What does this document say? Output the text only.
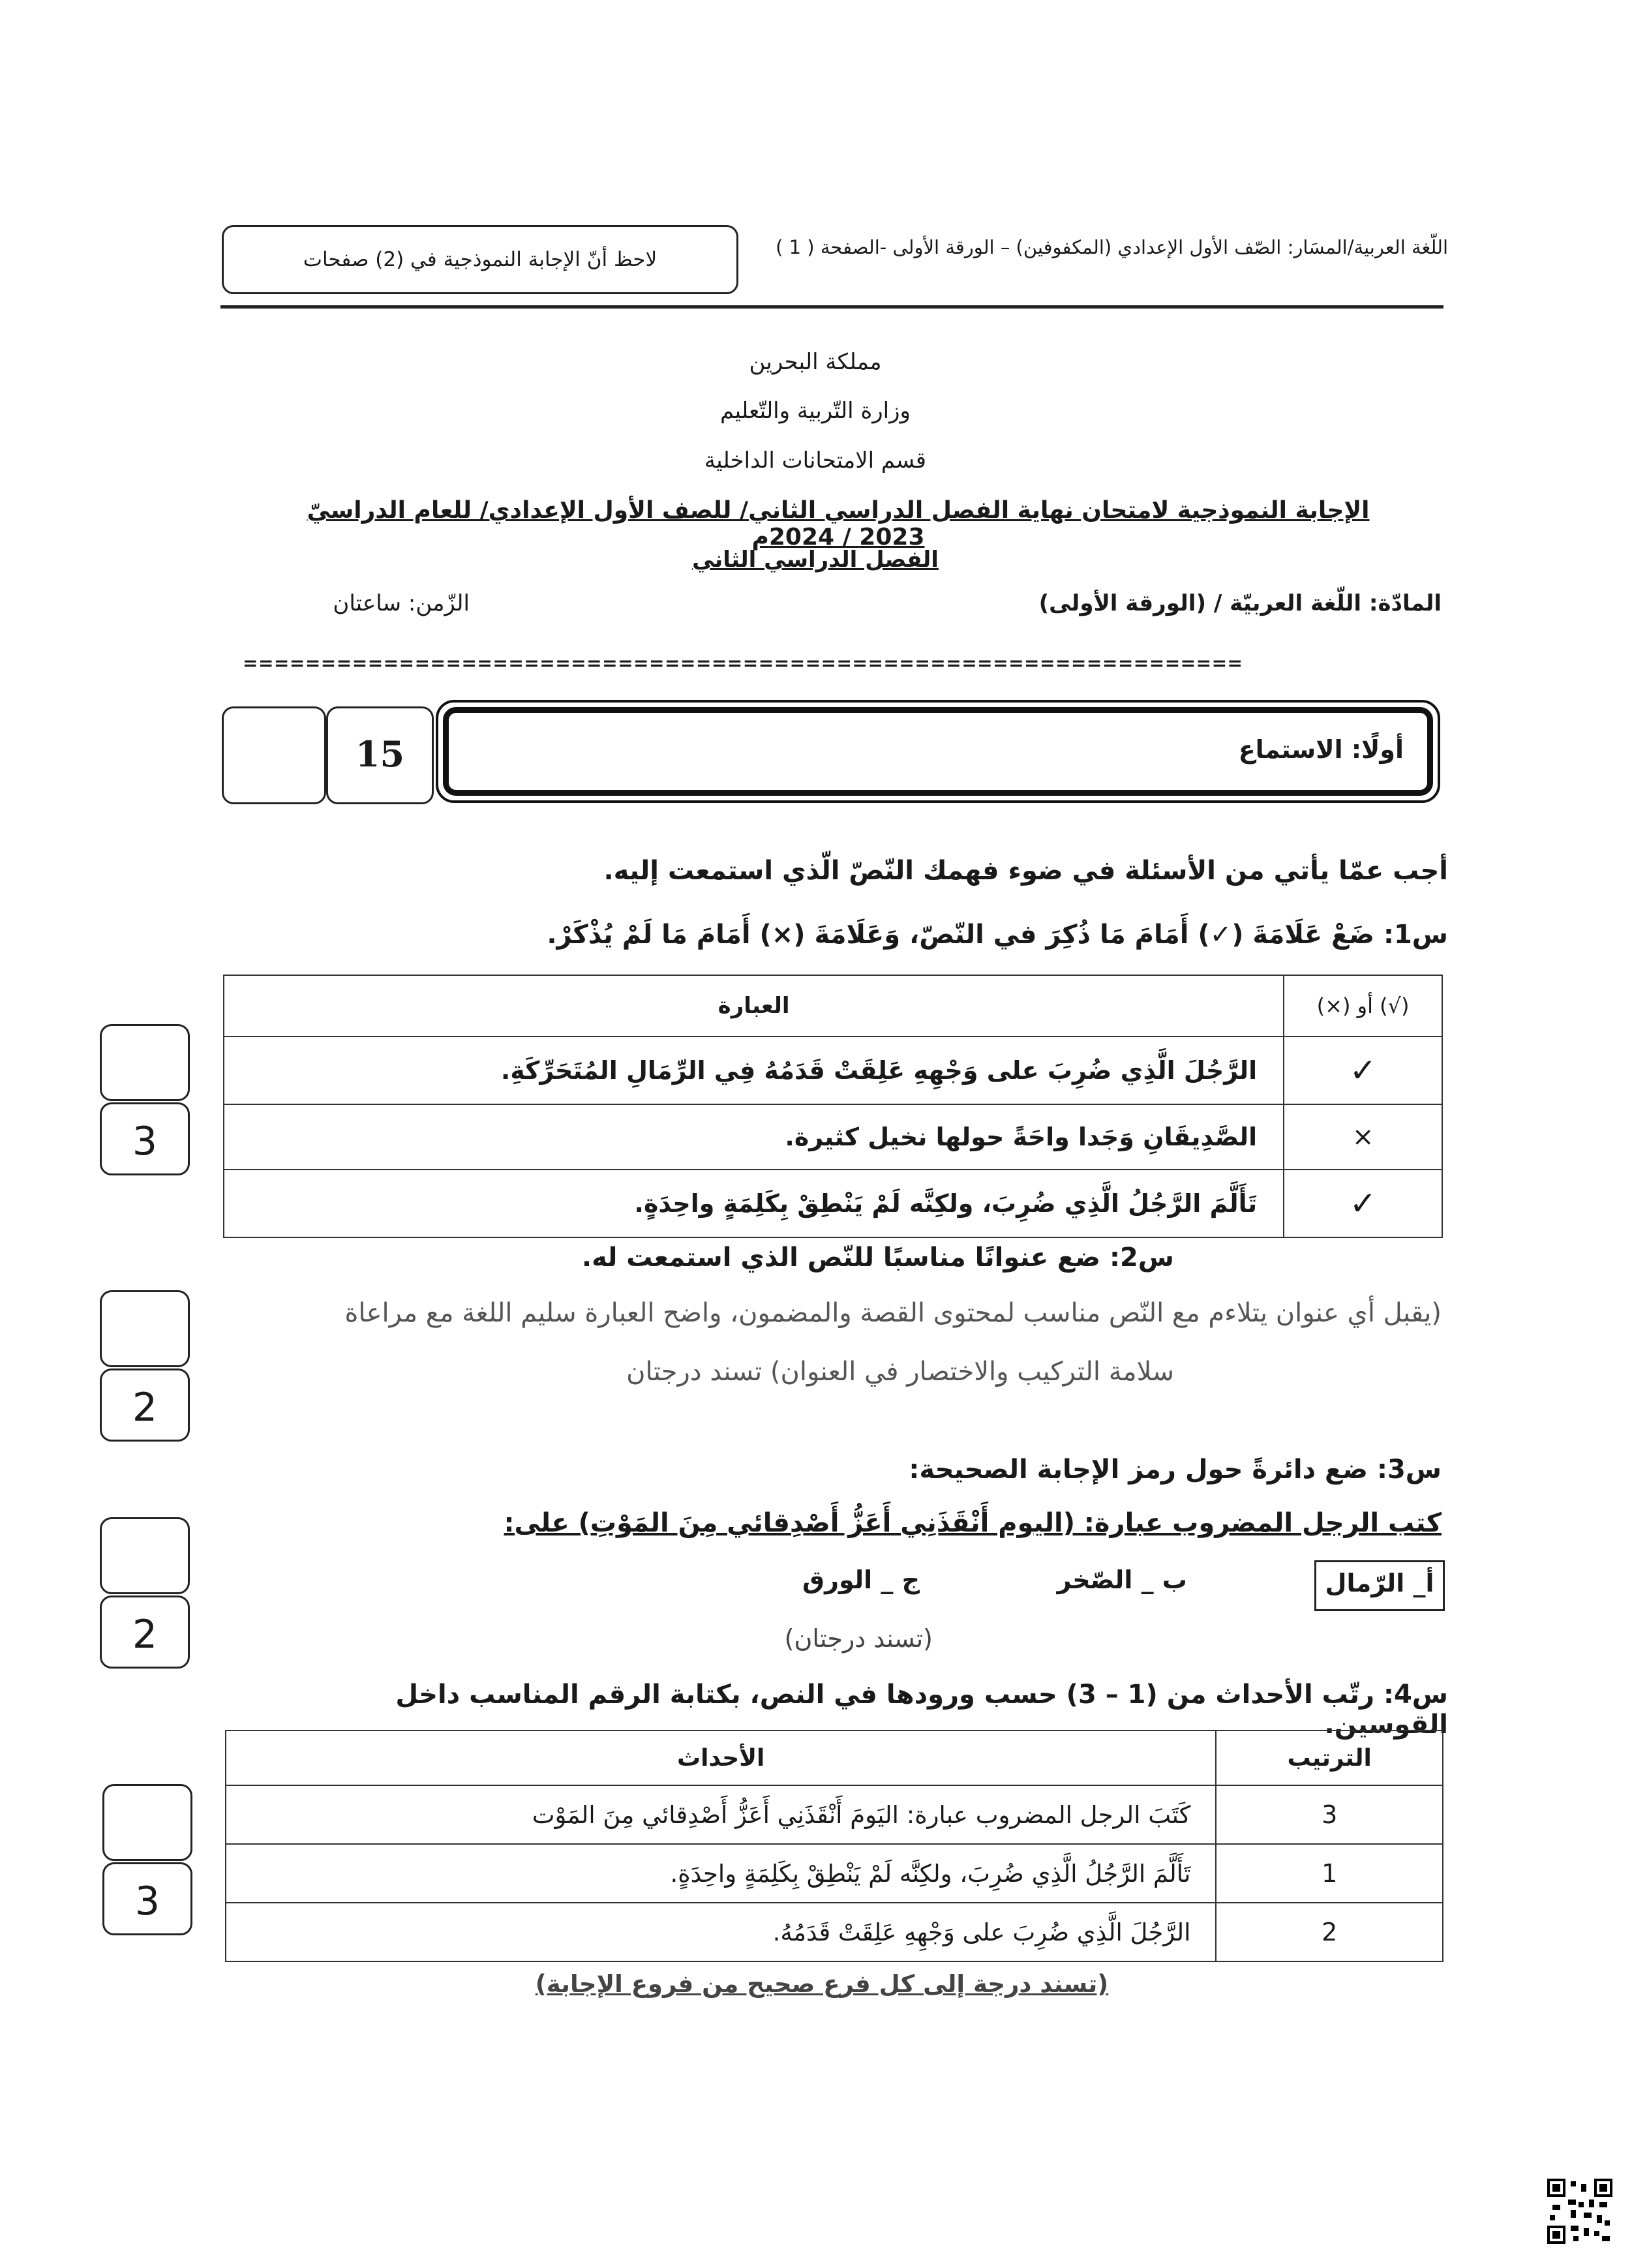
اللّغة العربية/المسَار: الصّف الأول الإعدادي (المكفوفين) – الورقة الأولى -الصفحة ( 1 )
لاحظ أنّ الإجابة النموذجية في (2) صفحات
مملكة البحرين
وزارة التّربية والتّعليم
قسم الامتحانات الداخلية
الإجابة النموذجية لامتحان نهاية الفصل الدراسي الثاني/ للصف الأول الإعدادي/ للعام الدراسيّ 2023 / 2024م
الفصل الدراسي الثاني
المادّة: اللّغة العربيّة / (الورقة الأولى)
الزّمن: ساعتان
================================================================
15	أولًا: الاستماع
أجب عمّا يأتي من الأسئلة في ضوء فهمك النّصّ الّذي استمعت إليه.
س1: ضَعْ عَلَامَةَ (✓) أَمَامَ مَا ذُكِرَ في النّصّ، وَعَلَامَةَ (×) أَمَامَ مَا لَمْ يُذْكَرْ.
العبارة	(√) أو (×)
الرَّجُلَ الَّذِي ضُرِبَ على وَجْهِهِ عَلِقَتْ قَدَمُهُ فِي الرِّمَالِ المُتَحَرِّكَةِ.	✓
الصَّدِيقَانِ وَجَدا واحَةً حولها نخيل كثيرة.	×
تَأَلَّمَ الرَّجُلُ الَّذِي ضُرِبَ، ولكِنَّه لَمْ يَنْطِقْ بِكَلِمَةٍ واحِدَةٍ.	✓
3
س2: ضع عنوانًا مناسبًا للنّص الذي استمعت له.
(يقبل أي عنوان يتلاءم مع النّص مناسب لمحتوى القصة والمضمون، واضح العبارة سليم اللغة مع مراعاة
سلامة التركيب والاختصار في العنوان) تسند درجتان
2
س3: ضع دائرةً حول رمز الإجابة الصحيحة:
كتب الرجل المضروب عبارة: (اليوم أَنْقَذَنِي أَعَزُّ أَصْدِقائي مِنَ المَوْتِ) على:
أ_ الرّمال
ب _ الصّخر
ج _ الورق
(تسند درجتان)
2
س4: رتّب الأحداث من (1 – 3) حسب ورودها في النص، بكتابة الرقم المناسب داخل القوسين.
الأحداث	الترتيب
كَتَبَ الرجل المضروب عبارة: اليَومَ أَنْقَذَنِي أَعَزُّ أَصْدِقائي مِنَ المَوْت	3
تَأَلَّمَ الرَّجُلُ الَّذِي ضُرِبَ، ولكِنَّه لَمْ يَنْطِقْ بِكَلِمَةٍ واحِدَةٍ.	1
الرَّجُلَ الَّذِي ضُرِبَ على وَجْهِهِ عَلِقَتْ قَدَمُهُ.	2
(تسند درجة إلى كل فرع صحيح من فروع الإجابة)
3
